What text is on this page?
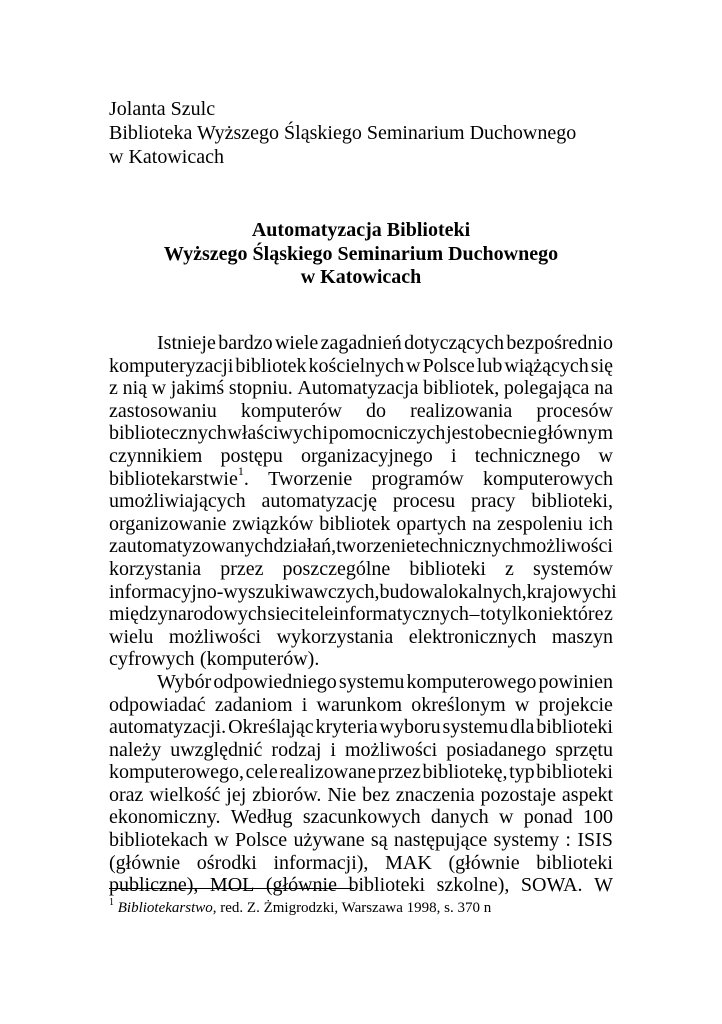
Jolanta Szulc
Biblioteka Wyższego Śląskiego Seminarium Duchownego
w Katowicach
Automatyzacja Biblioteki
Wyższego Śląskiego Seminarium Duchownego
w Katowicach
Istnieje bardzo wiele zagadnień dotyczących bezpośrednio
komputeryzacji bibliotek kościelnych w Polsce lub wiążących się
z nią w jakimś stopniu. Automatyzacja bibliotek, polegająca na
zastosowaniu komputerów do realizowania procesów
bibliotecznych właściwych i pomocniczych jest obecnie głównym
czynnikiem postępu organizacyjnego i technicznego w
bibliotekarstwie$^1$. Tworzenie programów komputerowych
umożliwiających automatyzację procesu pracy biblioteki,
organizowanie związków bibliotek opartych na zespoleniu ich
zautomatyzowanych działań, tworzenie technicznych możliwości
korzystania przez poszczególne biblioteki z systemów
informacyjno-wyszukiwawczych, budowa lokalnych, krajowych i
międzynarodowych sieci teleinformatycznych – to tylko niektóre z
wielu możliwości wykorzystania elektronicznych maszyn
cyfrowych (komputerów).
Wybór odpowiedniego systemu komputerowego powinien
odpowiadać zadaniom i warunkom określonym w projekcie
automatyzacji. Określając kryteria wyboru systemu dla biblioteki
należy uwzględnić rodzaj i możliwości posiadanego sprzętu
komputerowego, cele realizowane przez bibliotekę, typ biblioteki
oraz wielkość jej zbiorów. Nie bez znaczenia pozostaje aspekt
ekonomiczny. Według szacunkowych danych w ponad 100
bibliotekach w Polsce używane są następujące systemy : ISIS
(głównie ośrodki informacji), MAK (głównie biblioteki
publiczne), MOL (głównie biblioteki szkolne), SOWA. W
$^1$ Bibliotekarstwo, red. Z. Żmigrodzki, Warszawa 1998, s. 370 n
